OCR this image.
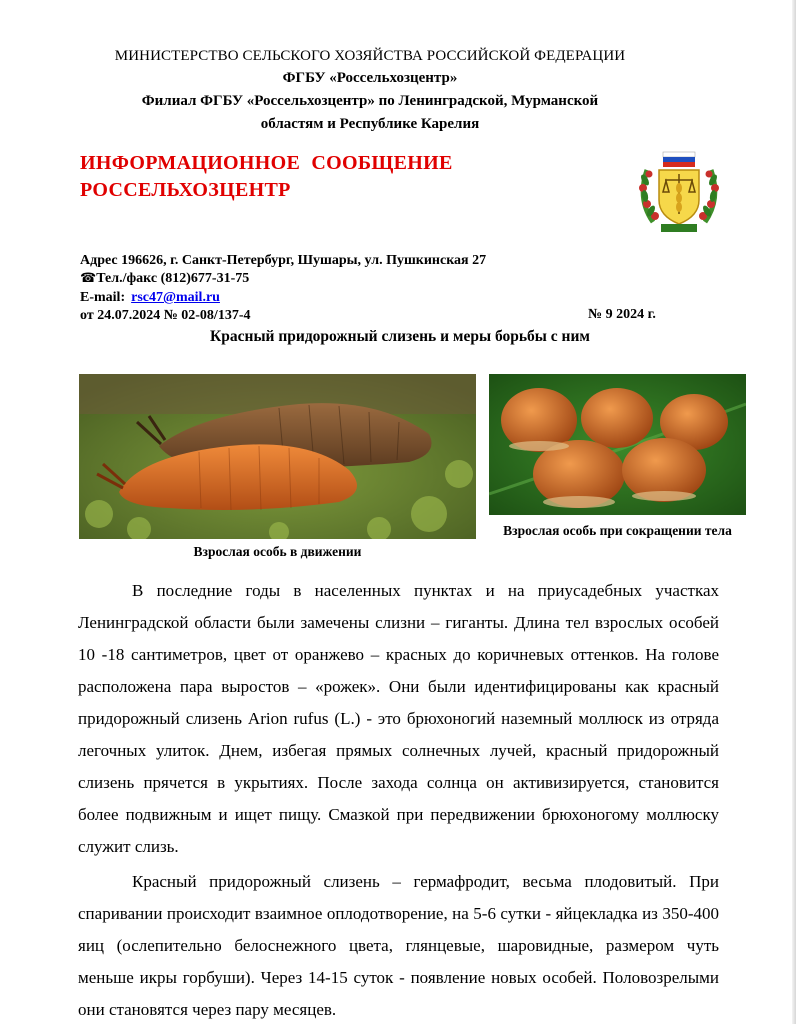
МИНИСТЕРСТВО СЕЛЬСКОГО ХОЗЯЙСТВА РОССИЙСКОЙ ФЕДЕРАЦИИ
ФГБУ «Россельхозцентр»
Филиал ФГБУ «Россельхозцентр» по Ленинградской, Мурманской
областям и Республике Карелия
ИНФОРМАЦИОННОЕ СООБЩЕНИЕ
РОССЕЛЬХОЗЦЕНТР
Адрес 196626, г. Санкт-Петербург, Шушары, ул. Пушкинская 27
☎Тел./факс (812)677-31-75
E-mail: rsc47@mail.ru
от 24.07.2024 № 02-08/137-4	№ 9 2024 г.
Красный придорожный слизень и меры борьбы с ним
Взрослая особь в движении
Взрослая особь при сокращении тела
В последние годы в населенных пунктах и на приусадебных участках Ленинградской области были замечены слизни – гиганты. Длина тел взрослых особей 10 -18 сантиметров, цвет от оранжево – красных до коричневых оттенков. На голове расположена пара выростов – «рожек». Они были идентифицированы как красный придорожный слизень Arion rufus (L.) - это брюхоногий наземный моллюск из отряда легочных улиток. Днем, избегая прямых солнечных лучей, красный придорожный слизень прячется в укрытиях. После захода солнца он активизируется, становится более подвижным и ищет пищу. Смазкой при передвижении брюхоногому моллюску служит слизь.
Красный придорожный слизень – гермафродит, весьма плодовитый. При спаривании происходит взаимное оплодотворение, на 5-6 сутки - яйцекладка из 350-400 яиц (ослепительно белоснежного цвета, глянцевые, шаровидные, размером чуть меньше икры горбуши). Через 14-15 суток - появление новых особей. Половозрелыми они становятся через пару месяцев.
